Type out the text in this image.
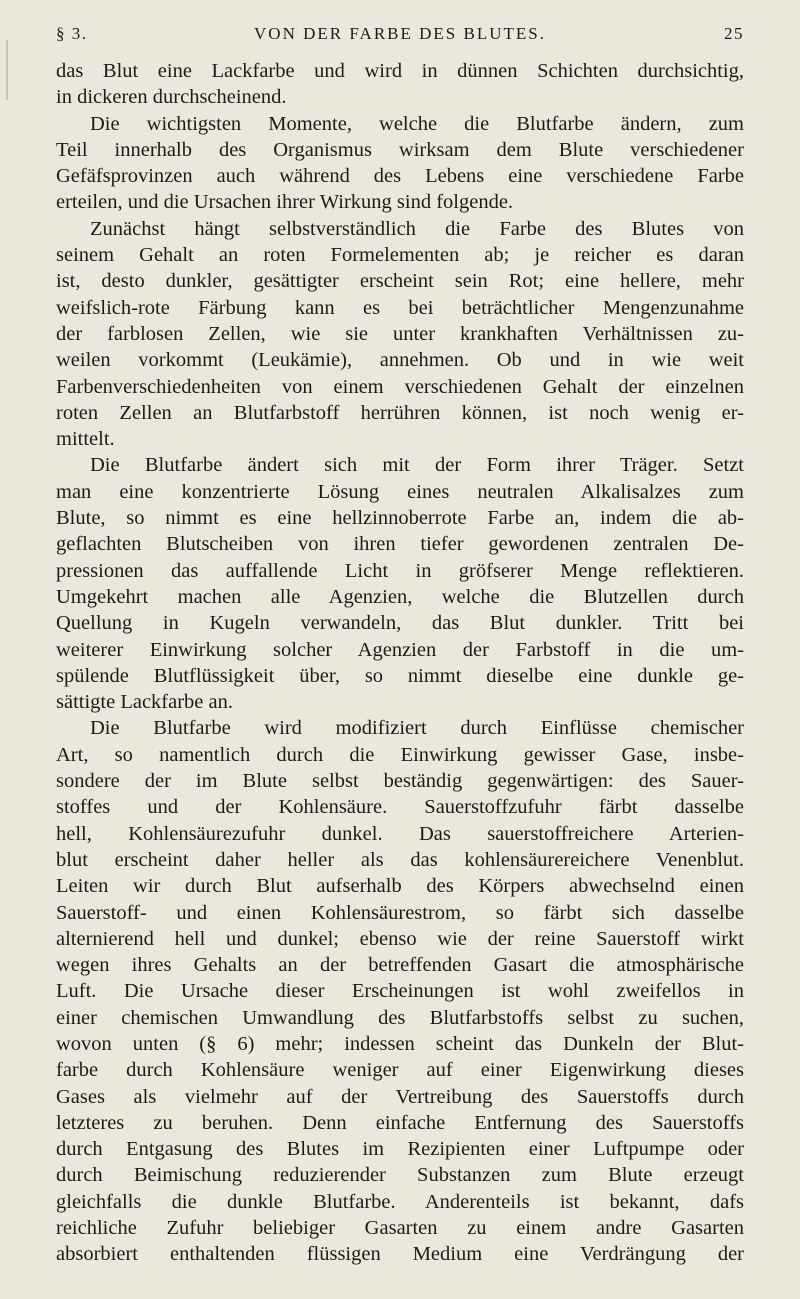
§ 3.	VON DER FARBE DES BLUTES.	25
das Blut eine Lackfarbe und wird in dünnen Schichten durchsichtig,
in dickeren durchscheinend.
Die wichtigsten Momente, welche die Blutfarbe ändern, zum
Teil innerhalb des Organismus wirksam dem Blute verschiedener
Gefäfsprovinzen auch während des Lebens eine verschiedene Farbe
erteilen, und die Ursachen ihrer Wirkung sind folgende.
Zunächst hängt selbstverständlich die Farbe des Blutes von
seinem Gehalt an roten Formelementen ab; je reicher es daran
ist, desto dunkler, gesättigter erscheint sein Rot; eine hellere, mehr
weifslich-rote Färbung kann es bei beträchtlicher Mengenzunahme
der farblosen Zellen, wie sie unter krankhaften Verhältnissen zu-
weilen vorkommt (Leukämie), annehmen. Ob und in wie weit
Farbenverschiedenheiten von einem verschiedenen Gehalt der einzelnen
roten Zellen an Blutfarbstoff herrühren können, ist noch wenig er-
mittelt.
Die Blutfarbe ändert sich mit der Form ihrer Träger. Setzt
man eine konzentrierte Lösung eines neutralen Alkalisalzes zum
Blute, so nimmt es eine hellzinnoberrote Farbe an, indem die ab-
geflachten Blutscheiben von ihren tiefer gewordenen zentralen De-
pressionen das auffallende Licht in gröfserer Menge reflektieren.
Umgekehrt machen alle Agenzien, welche die Blutzellen durch
Quellung in Kugeln verwandeln, das Blut dunkler. Tritt bei
weiterer Einwirkung solcher Agenzien der Farbstoff in die um-
spülende Blutflüssigkeit über, so nimmt dieselbe eine dunkle ge-
sättigte Lackfarbe an.
Die Blutfarbe wird modifiziert durch Einflüsse chemischer
Art, so namentlich durch die Einwirkung gewisser Gase, insbe-
sondere der im Blute selbst beständig gegenwärtigen: des Sauer-
stoffes und der Kohlensäure. Sauerstoffzufuhr färbt dasselbe
hell, Kohlensäurezufuhr dunkel. Das sauerstoffreichere Arterien-
blut erscheint daher heller als das kohlensäurereichere Venenblut.
Leiten wir durch Blut aufserhalb des Körpers abwechselnd einen
Sauerstoff- und einen Kohlensäurestrom, so färbt sich dasselbe
alternierend hell und dunkel; ebenso wie der reine Sauerstoff wirkt
wegen ihres Gehalts an der betreffenden Gasart die atmosphärische
Luft. Die Ursache dieser Erscheinungen ist wohl zweifellos in
einer chemischen Umwandlung des Blutfarbstoffs selbst zu suchen,
wovon unten (§ 6) mehr; indessen scheint das Dunkeln der Blut-
farbe durch Kohlensäure weniger auf einer Eigenwirkung dieses
Gases als vielmehr auf der Vertreibung des Sauerstoffs durch
letzteres zu beruhen. Denn einfache Entfernung des Sauerstoffs
durch Entgasung des Blutes im Rezipienten einer Luftpumpe oder
durch Beimischung reduzierender Substanzen zum Blute erzeugt
gleichfalls die dunkle Blutfarbe. Anderenteils ist bekannt, dafs
reichliche Zufuhr beliebiger Gasarten zu einem andre Gasarten
absorbiert enthaltenden flüssigen Medium eine Verdrängung der
